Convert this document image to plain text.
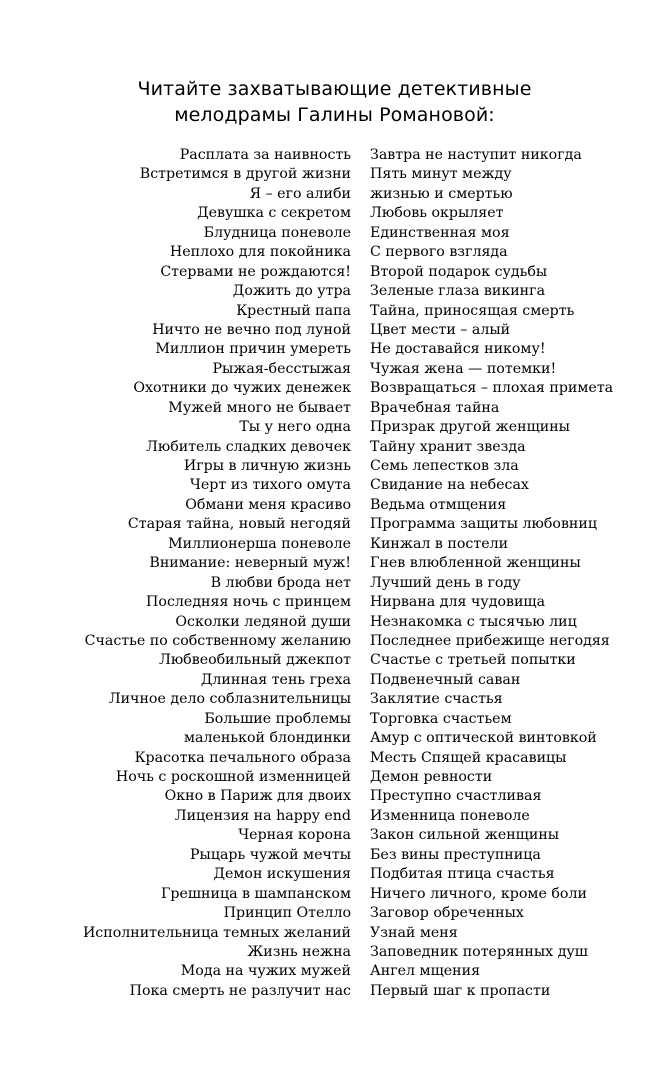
Читайте захватывающие детективные
мелодрамы Галины Романовой:
Расплата за наивность
Встретимся в другой жизни
Я – его алиби
Девушка с секретом
Блудница поневоле
Неплохо для покойника
Стервами не рождаются!
Дожить до утра
Крестный папа
Ничто не вечно под луной
Миллион причин умереть
Рыжая-бесстыжая
Охотники до чужих денежек
Мужей много не бывает
Ты у него одна
Любитель сладких девочек
Игры в личную жизнь
Черт из тихого омута
Обмани меня красиво
Старая тайна, новый негодяй
Миллионерша поневоле
Внимание: неверный муж!
В любви брода нет
Последняя ночь с принцем
Осколки ледяной души
Счастье по собственному желанию
Любвеобильный джекпот
Длинная тень греха
Личное дело соблазнительницы
Большие проблемы
маленькой блондинки
Красотка печального образа
Ночь с роскошной изменницей
Окно в Париж для двоих
Лицензия на happy end
Черная корона
Рыцарь чужой мечты
Демон искушения
Грешница в шампанском
Принцип Отелло
Исполнительница темных желаний
Жизнь нежна
Мода на чужих мужей
Пока смерть не разлучит нас
Завтра не наступит никогда
Пять минут между
жизнью и смертью
Любовь окрыляет
Единственная моя
С первого взгляда
Второй подарок судьбы
Зеленые глаза викинга
Тайна, приносящая смерть
Цвет мести – алый
Не доставайся никому!
Чужая жена — потемки!
Возвращаться – плохая примета
Врачебная тайна
Призрак другой женщины
Тайну хранит звезда
Семь лепестков зла
Свидание на небесах
Ведьма отмщения
Программа защиты любовниц
Кинжал в постели
Гнев влюбленной женщины
Лучший день в году
Нирвана для чудовища
Незнакомка с тысячью лиц
Последнее прибежище негодяя
Счастье с третьей попытки
Подвенечный саван
Заклятие счастья
Торговка счастьем
Амур с оптической винтовкой
Месть Спящей красавицы
Демон ревности
Преступно счастливая
Изменница поневоле
Закон сильной женщины
Без вины преступница
Подбитая птица счастья
Ничего личного, кроме боли
Заговор обреченных
Узнай меня
Заповедник потерянных душ
Ангел мщения
Первый шаг к пропасти
